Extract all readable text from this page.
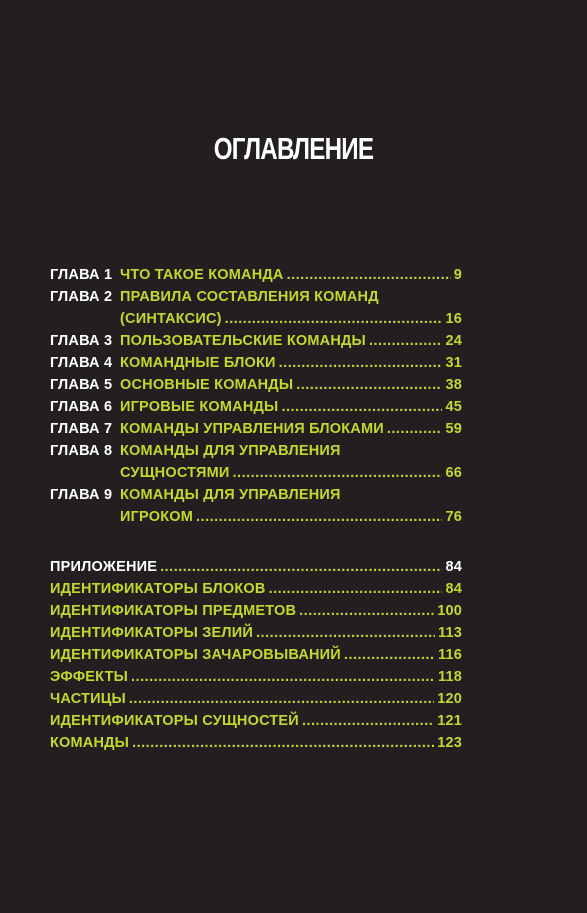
ОГЛАВЛЕНИЕ
ГЛАВА 1 ЧТО ТАКОЕ КОМАНДА .....	9
ГЛАВА 2 ПРАВИЛА СОСТАВЛЕНИЯ КОМАНД
(СИНТАКСИС) .....	16
ГЛАВА 3 ПОЛЬЗОВАТЕЛЬСКИЕ КОМАНДЫ .....	24
ГЛАВА 4 КОМАНДНЫЕ БЛОКИ .....	31
ГЛАВА 5 ОСНОВНЫЕ КОМАНДЫ .....	38
ГЛАВА 6 ИГРОВЫЕ КОМАНДЫ .....	45
ГЛАВА 7 КОМАНДЫ УПРАВЛЕНИЯ БЛОКАМИ .....	59
ГЛАВА 8 КОМАНДЫ ДЛЯ УПРАВЛЕНИЯ
СУЩНОСТЯМИ .....	66
ГЛАВА 9 КОМАНДЫ ДЛЯ УПРАВЛЕНИЯ
ИГРОКОМ .....	76
ПРИЛОЖЕНИЕ .....	84
ИДЕНТИФИКАТОРЫ БЛОКОВ .....	84
ИДЕНТИФИКАТОРЫ ПРЕДМЕТОВ .....	100
ИДЕНТИФИКАТОРЫ ЗЕЛИЙ .....	113
ИДЕНТИФИКАТОРЫ ЗАЧАРОВЫВАНИЙ .....	116
ЭФФЕКТЫ .....	118
ЧАСТИЦЫ .....	120
ИДЕНТИФИКАТОРЫ СУЩНОСТЕЙ .....	121
КОМАНДЫ .....	123
